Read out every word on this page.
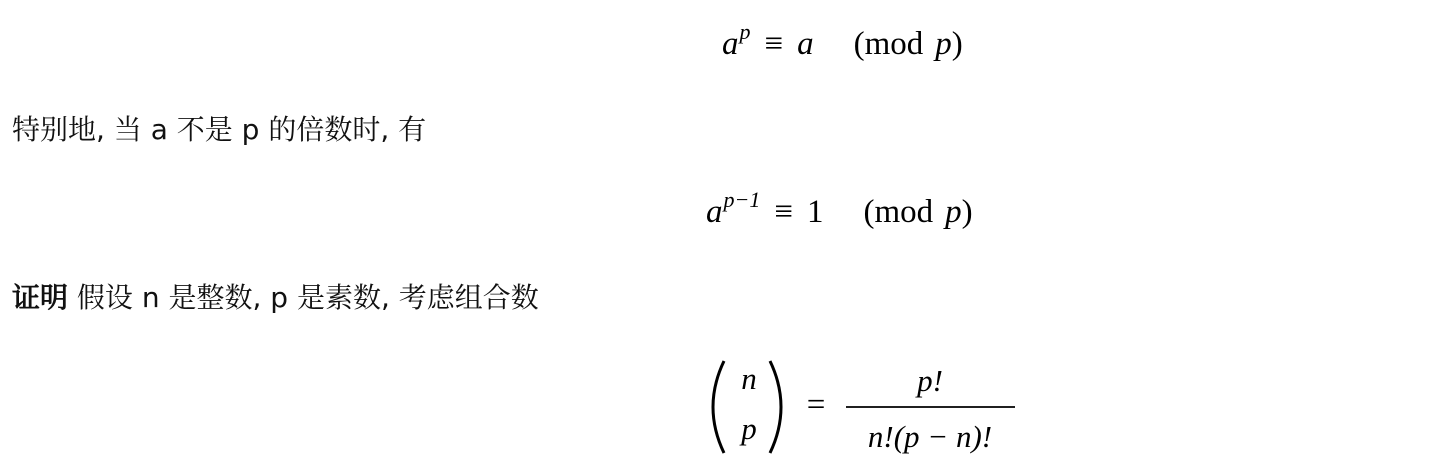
$a^p \equiv a$ (mod p)
特别地, 当 a 不是 p 的倍数时, 有
$a^{p-1} \equiv 1$ (mod p)
证明 假设 n 是整数, p 是素数, 考虑组合数
n
p
=
p!
n!(p − n)!
